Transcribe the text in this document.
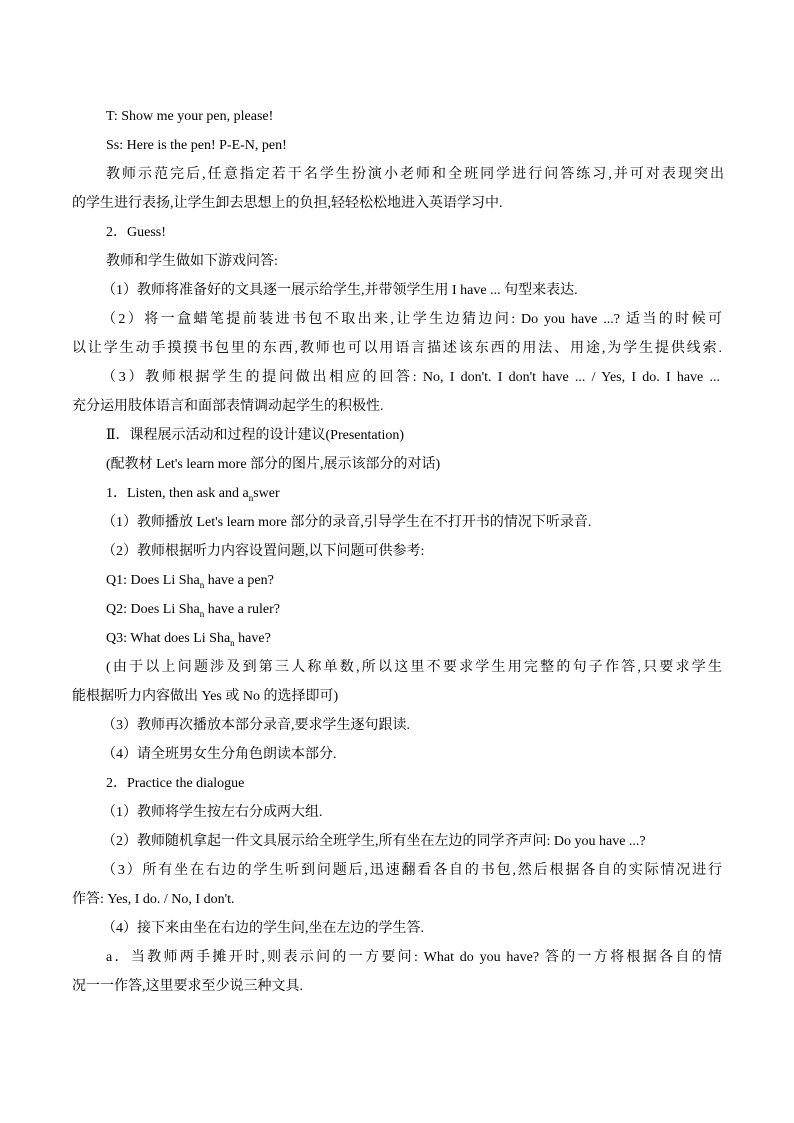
T: Show me your pen, please!
Ss: Here is the pen! P-E-N, pen!
教师示范完后,任意指定若干名学生扮演小老师和全班同学进行问答练习,并可对表现突出
的学生进行表扬,让学生卸去思想上的负担,轻轻松松地进入英语学习中.
2．Guess!
教师和学生做如下游戏问答:
（1）教师将准备好的文具逐一展示给学生,并带领学生用 I have ... 句型来表达.
（2）将一盒蜡笔提前装进书包不取出来,让学生边猜边问: Do you have ...? 适当的时候可
以让学生动手摸摸书包里的东西,教师也可以用语言描述该东西的用法、用途,为学生提供线索.
（3）教师根据学生的提问做出相应的回答: No, I don't. I don't have ... / Yes, I do. I have ...
充分运用肢体语言和面部表情调动起学生的积极性.
Ⅱ．课程展示活动和过程的设计建议(Presentation)
(配教材 Let's learn more 部分的图片,展示该部分的对话)
1．Listen, then ask and $a_nswer$
（1）教师播放 Let's learn more 部分的录音,引导学生在不打开书的情况下听录音.
（2）教师根据听力内容设置问题,以下问题可供参考:
Q1: Does Li Sha$_n$ have a pen?
Q2: Does Li Sha$_n$ have a ruler?
Q3: What does Li Sha$_n$ have?
(由于以上问题涉及到第三人称单数,所以这里不要求学生用完整的句子作答,只要求学生
能根据听力内容做出 Yes 或 No 的选择即可)
（3）教师再次播放本部分录音,要求学生逐句跟读.
（4）请全班男女生分角色朗读本部分.
2．Practice the dialogue
（1）教师将学生按左右分成两大组.
（2）教师随机拿起一件文具展示给全班学生,所有坐在左边的同学齐声问: Do you have ...?
（3）所有坐在右边的学生听到问题后,迅速翻看各自的书包,然后根据各自的实际情况进行
作答: Yes, I do. / No, I don't.
（4）接下来由坐在右边的学生问,坐在左边的学生答.
a．当教师两手摊开时,则表示问的一方要问: What do you have? 答的一方将根据各自的情
况一一作答,这里要求至少说三种文具.
